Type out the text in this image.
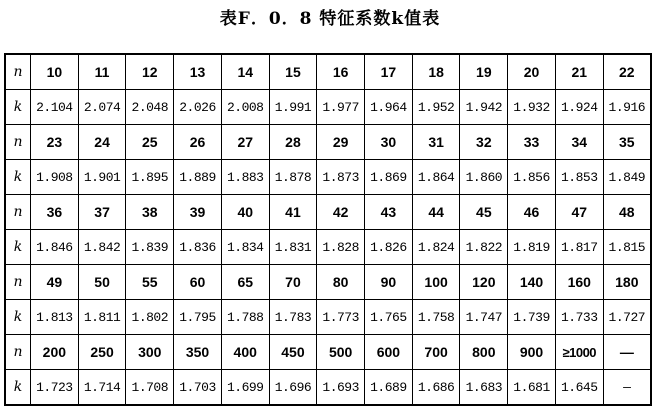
表F．0．8 特征系数k值表
n	10	11	12	13	14	15	16	17	18	19	20	21	22
k	2.104	2.074	2.048	2.026	2.008	1.991	1.977	1.964	1.952	1.942	1.932	1.924	1.916
n	23	24	25	26	27	28	29	30	31	32	33	34	35
k	1.908	1.901	1.895	1.889	1.883	1.878	1.873	1.869	1.864	1.860	1.856	1.853	1.849
n	36	37	38	39	40	41	42	43	44	45	46	47	48
k	1.846	1.842	1.839	1.836	1.834	1.831	1.828	1.826	1.824	1.822	1.819	1.817	1.815
n	49	50	55	60	65	70	80	90	100	120	140	160	180
k	1.813	1.811	1.802	1.795	1.788	1.783	1.773	1.765	1.758	1.747	1.739	1.733	1.727
n	200	250	300	350	400	450	500	600	700	800	900	≥1000	—
k	1.723	1.714	1.708	1.703	1.699	1.696	1.693	1.689	1.686	1.683	1.681	1.645	—
